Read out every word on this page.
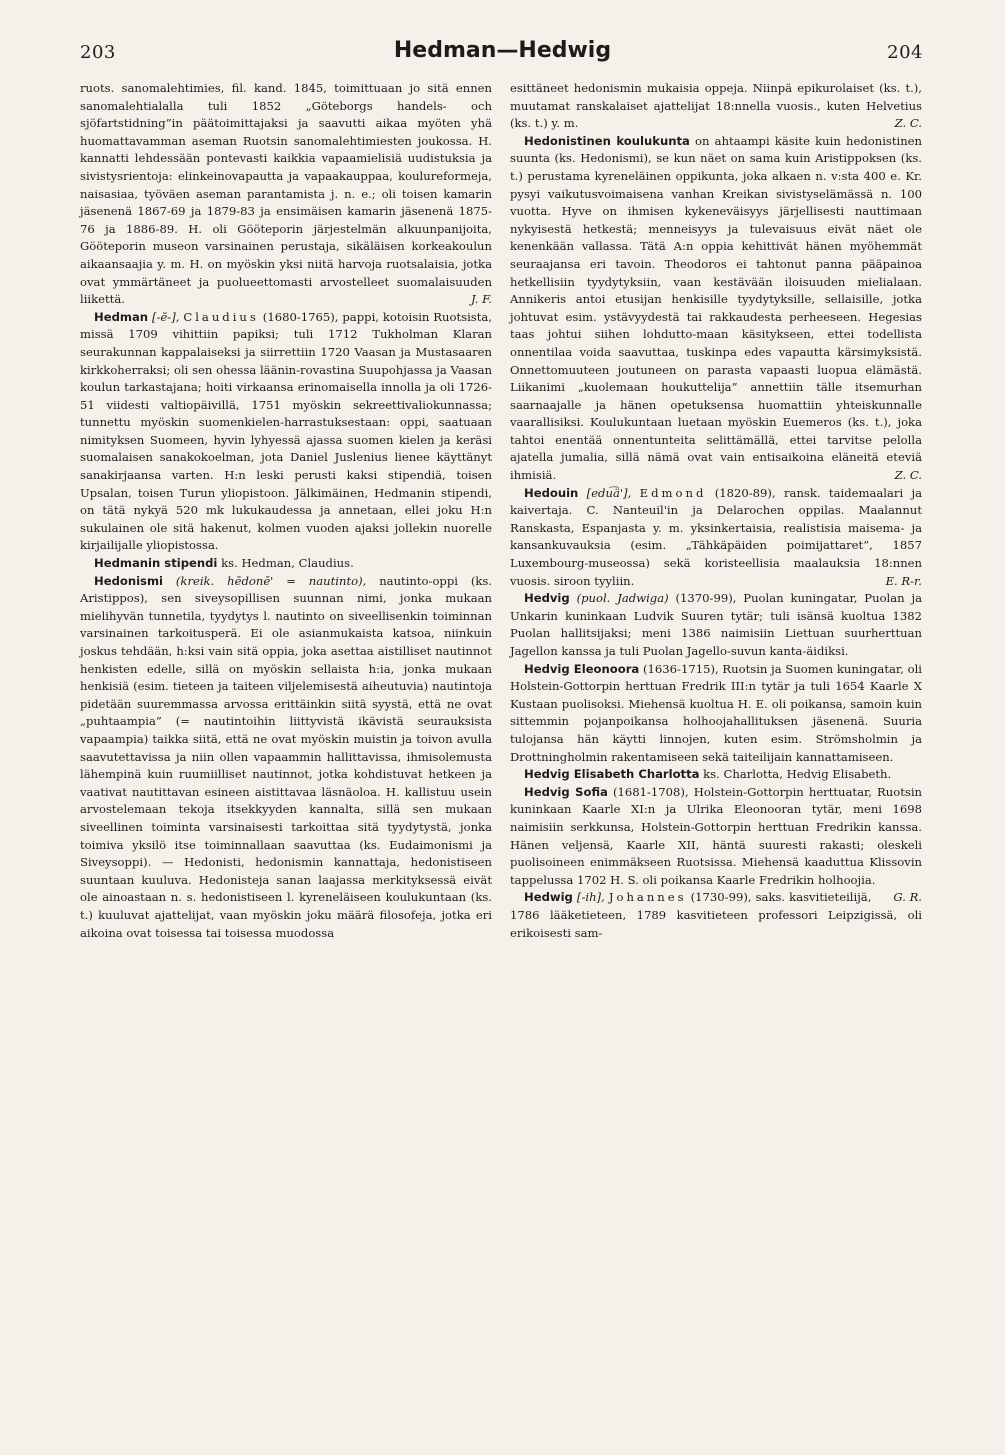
203	Hedman—Hedwig	204

ruots. sanomalehtimies, fil. kand. 1845, toimittuaan jo sitä ennen sanomalehtialalla tuli 1852 „Göteborgs handels- och sjöfartstidning”in päätoimittajaksi ja saavutti aikaa myöten yhä huomattavamman aseman Ruotsin sanomalehtimiesten joukossa. H. kannatti lehdessään pontevasti kaikkia vapaamielisiä uudistuksia ja sivistysrientoja: elinkeinovapautta ja vapaakauppaa, koulureformeja, naisasiaa, työväen aseman parantamista j. n. e.; oli toisen kamarin jäsenenä 1867-69 ja 1879-83 ja ensimäisen kamarin jäsenenä 1875-76 ja 1886-89. H. oli Gööteporin järjestelmän alkuunpanijoita, Gööteporin museon varsinainen perustaja, sikäläisen korkeakoulun aikaansaajia y. m. H. on myöskin yksi niitä harvoja ruotsalaisia, jotka ovat ymmärtäneet ja puolueettomasti arvostelleet suomalaisuuden liikettä.	J. F.

Hedman [-ĕ-], Claudius (1680-1765), pappi, kotoisin Ruotsista, missä 1709 vihittiin papiksi; tuli 1712 Tukholman Klaran seurakunnan kappalaiseksi ja siirrettiin 1720 Vaasan ja Mustasaaren kirkkoherraksi; oli sen ohessa läänin-rovastina Suupohjassa ja Vaasan koulun tarkastajana; hoiti virkaansa erinomaisella innolla ja oli 1726-51 viidesti valtiopäivillä, 1751 myöskin sekreettivaliokunnassa; tunnettu myöskin suomenkielen-harrastuksestaan: oppi, saatuaan nimityksen Suomeen, hyvin lyhyessä ajassa suomen kielen ja keräsi suomalaisen sanakokoelman, jota Daniel Juslenius lienee käyttänyt sanakirjaansa varten. H:n leski perusti kaksi stipendiä, toisen Upsalan, toisen Turun yliopistoon. Jälkimäinen, Hedmanin stipendi, on tätä nykyä 520 mk lukukaudessa ja annetaan, ellei joku H:n sukulainen ole sitä hakenut, kolmen vuoden ajaksi jollekin nuorelle kirjailijalle yliopistossa.

Hedmanin stipendi ks. Hedman, Claudius.

Hedonismi (kreik. hēdonē' = nautinto), nautinto-oppi (ks. Aristippos), sen siveysopillisen suunnan nimi, jonka mukaan mielihyvän tunnetila, tyydytys l. nautinto on siveellisenkin toiminnan varsinainen tarkoitusperä. Ei ole asianmukaista katsoa, niinkuin joskus tehdään, h:ksi vain sitä oppia, joka asettaa aistilliset nautinnot henkisten edelle, sillä on myöskin sellaista h:ia, jonka mukaan henkisiä (esim. tieteen ja taiteen viljelemisestä aiheutuvia) nautintoja pidetään suuremmassa arvossa erittäinkin siitä syystä, että ne ovat „puhtaampia” (= nautintoihin liittyvistä ikävistä seurauksista vapaampia) taikka siitä, että ne ovat myöskin muistin ja toivon avulla saavutettavissa ja niin ollen vapaammin hallittavissa, ihmisolemusta lähempinä kuin ruumiilliset nautinnot, jotka kohdistuvat hetkeen ja vaativat nautittavan esineen aistittavaa läsnäoloa. H. kallistuu usein arvostelemaan tekoja itsekkyyden kannalta, sillä sen mukaan siveellinen toiminta varsinaisesti tarkoittaa sitä tyydytystä, jonka toimiva yksilö itse toiminnallaan saavuttaa (ks. Eudaimonismi ja Siveysoppi). — Hedonisti, hedonismin kannattaja, hedonistiseen suuntaan kuuluva. Hedonisteja sanan laajassa merkityksessä eivät ole ainoastaan n. s. hedonistiseen l. kyreneläiseen koulukuntaan (ks. t.) kuuluvat ajattelijat, vaan myöskin joku määrä filosofeja, jotka eri aikoina ovat toisessa tai toisessa muodossa

esittäneet hedonismin mukaisia oppeja. Niinpä epikurolaiset (ks. t.), muutamat ranskalaiset ajattelijat 18:nnella vuosis., kuten Helvetius (ks. t.) y. m.	Z. C.

Hedonistinen koulukunta on ahtaampi käsite kuin hedonistinen suunta (ks. Hedonismi), se kun näet on sama kuin Aristippoksen (ks. t.) perustama kyreneläinen oppikunta, joka alkaen n. v:sta 400 e. Kr. pysyi vaikutusvoimaisena vanhan Kreikan sivistyselämässä n. 100 vuotta. Hyve on ihmisen kykeneväisyys järjellisesti nauttimaan nykyisestä hetkestä; menneisyys ja tulevaisuus eivät näet ole kenenkään vallassa. Tätä A:n oppia kehittivät hänen myöhemmät seuraajansa eri tavoin. Theodoros ei tahtonut panna pääpainoa hetkellisiin tyydytyksiin, vaan kestävään iloisuuden mielialaan. Annikeris antoi etusijan henkisille tyydytyksille, sellaisille, jotka johtuvat esim. ystävyydestä tai rakkaudesta perheeseen. Hegesias taas johtui siihen lohdutto-maan käsitykseen, ettei todellista onnentilaa voida saavuttaa, tuskinpa edes vapautta kärsimyksistä. Onnettomuuteen joutuneen on parasta vapaasti luopua elämästä. Liikanimi „kuolemaan houkuttelija” annettiin tälle itsemurhan saarnaajalle ja hänen opetuksensa huomattiin yhteiskunnalle vaarallisiksi. Koulukuntaan luetaan myöskin Euemeros (ks. t.), joka tahtoi enentää onnentunteita selittämällä, ettei tarvitse pelolla ajatella jumalia, sillä nämä ovat vain entisaikoina eläneitä etevіä ihmisiä.	Z. C.

Hedouin [edu͡ä'], Edmond (1820-89), ransk. taidemaalari ja kaivertaja. C. Nanteuil'in ja Delarochen oppilas. Maalannut Ranskasta, Espanjasta y. m. yksinkertaisia, realistisia maisema- ja kansankuvauksia (esim. „Tähkäpäiden poimijattaret”, 1857 Luxembourg-museossa) sekä koristeellisia maalauksia 18:nnen vuosis. siroon tyyliin.	E. R-r.

Hedvig (puol. Jadwiga) (1370-99), Puolan kuningatar, Puolan ja Unkarin kuninkaan Ludvik Suuren tytär; tuli isänsä kuoltua 1382 Puolan hallitsijaksi; meni 1386 naimisiin Liettuan suurherttuan Jagellon kanssa ja tuli Puolan Jagello-suvun kanta-äidiksi.

Hedvig Eleonoora (1636-1715), Ruotsin ja Suomen kuningatar, oli Holstein-Gottorpin herttuan Fredrik III:n tytär ja tuli 1654 Kaarle X Kustaan puolisoksi. Miehensä kuoltua H. E. oli poikansa, samoin kuin sittemmin pojanpoikansa holhoojahallituksen jäsenenä. Suuria tulojansa hän käytti linnojen, kuten esim. Strömsholmin ja Drottningholmin rakentamiseen sekä taiteilijain kannattamiseen.

Hedvig Elisabeth Charlotta ks. Charlotta, Hedvig Elisabeth.

Hedvig Sofia (1681-1708), Holstein-Gottorpin herttuatar, Ruotsin kuninkaan Kaarle XI:n ja Ulrika Eleonooran tytär, meni 1698 naimisiin serkkunsa, Holstein-Gottorpin herttuan Fredrikin kanssa. Hänen veljensä, Kaarle XII, häntä suuresti rakasti; oleskeli puolisoineen enimmäkseen Ruotsissa. Miehensä kaaduttua Klissovin tappelussa 1702 H. S. oli poikansa Kaarle Fredrikin holhoojia.
G. R.

Hedwig [-ih], Johannes (1730-99), saks. kasvitieteilijä, 1786 lääketieteen, 1789 kasvitieteen professori Leipzigissä, oli erikoisesti sam-
